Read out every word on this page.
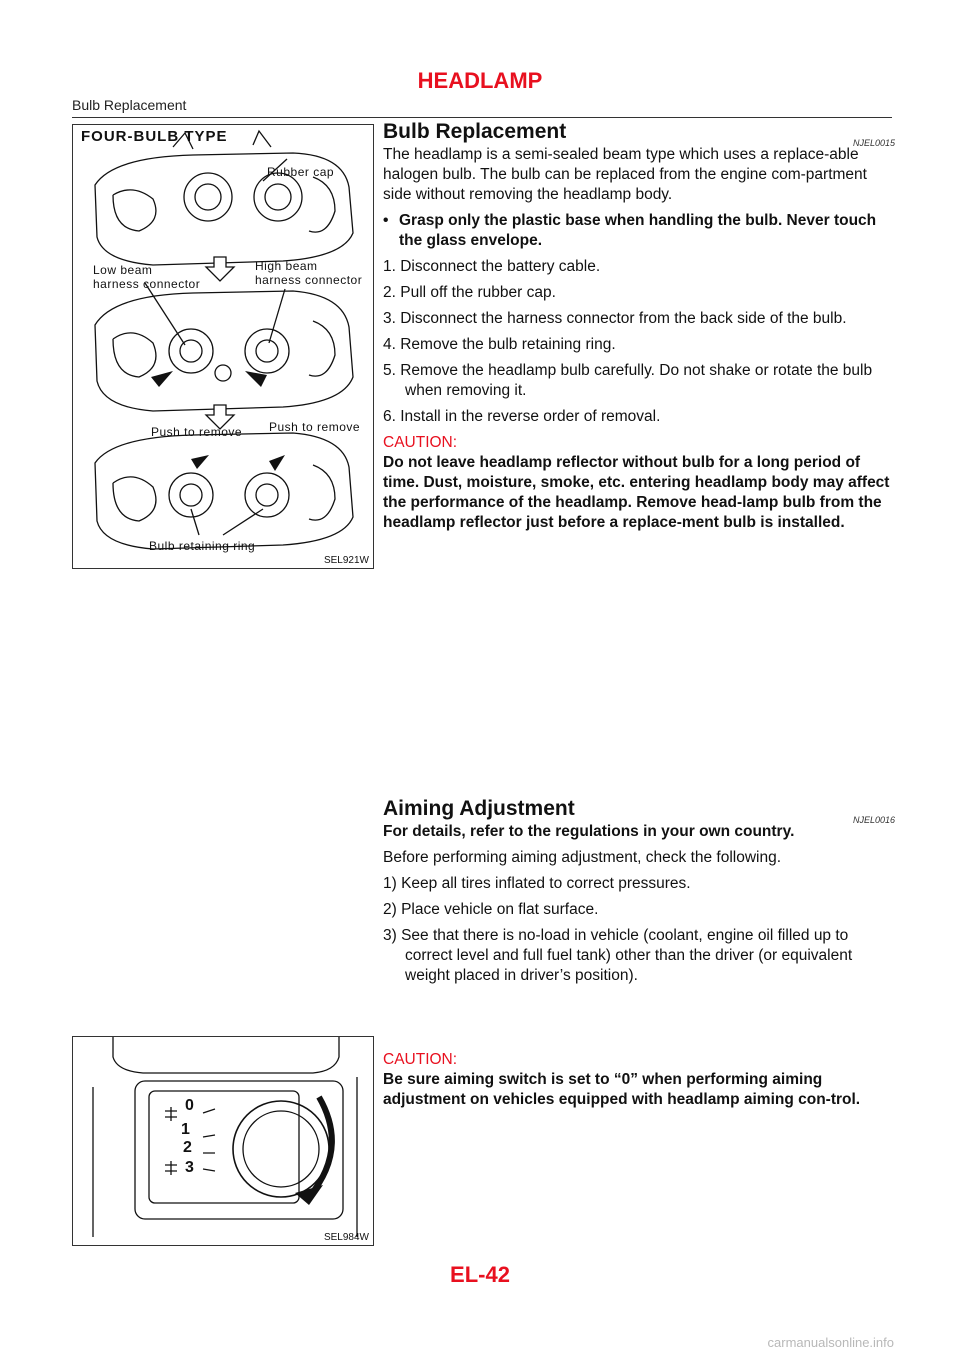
HEADLAMP
Bulb Replacement
FOUR-BULB TYPE
Rubber cap
Low beam
harness connector
High beam
harness connector
Push to remove Push to remove
Bulb retaining ring
SEL921W
Bulb Replacement	NJEL0015

The headlamp is a semi-sealed beam type which uses a replace-able halogen bulb. The bulb can be replaced from the engine com-partment side without removing the headlamp body.

• Grasp only the plastic base when handling the bulb. Never touch the glass envelope.

1. Disconnect the battery cable.

2. Pull off the rubber cap.

3. Disconnect the harness connector from the back side of the bulb.

4. Remove the bulb retaining ring.

5. Remove the headlamp bulb carefully. Do not shake or rotate the bulb when removing it.

6. Install in the reverse order of removal.

CAUTION:

Do not leave headlamp reflector without bulb for a long period of time. Dust, moisture, smoke, etc. entering headlamp body may affect the performance of the headlamp. Remove head-lamp bulb from the headlamp reflector just before a replace-ment bulb is installed.

Aiming Adjustment	NJEL0016

For details, refer to the regulations in your own country.

Before performing aiming adjustment, check the following.

1) Keep all tires inflated to correct pressures.

2) Place vehicle on flat surface.

3) See that there is no-load in vehicle (coolant, engine oil filled up to correct level and full fuel tank) other than the driver (or equivalent weight placed in driver’s position).

CAUTION:

Be sure aiming switch is set to “0” when performing aiming adjustment on vehicles equipped with headlamp aiming con-trol.

0
1
2
3
SEL984W
EL-42
carmanualsonline.info
